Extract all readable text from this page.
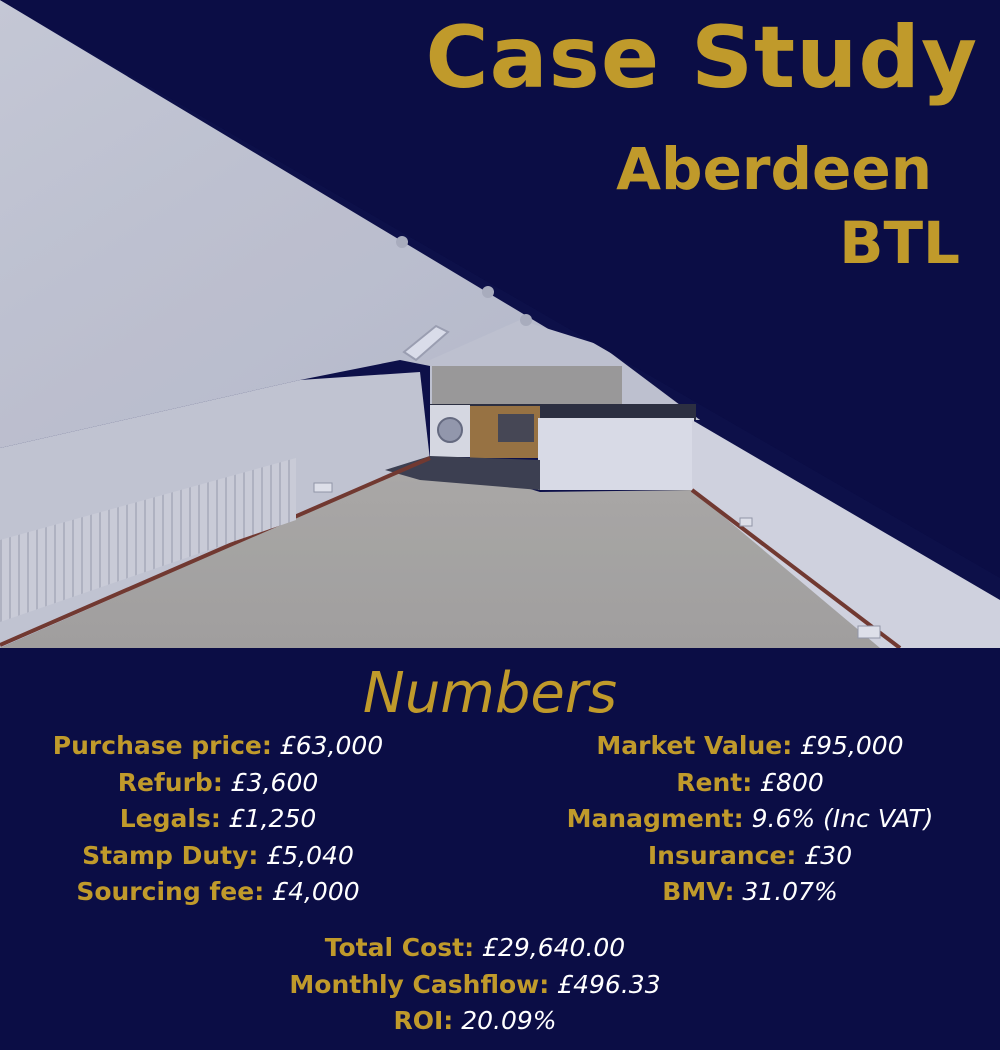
Case Study
Aberdeen
BTL
Numbers
Purchase price: £63,000
Refurb: £3,600
Legals: £1,250
Stamp Duty: £5,040
Sourcing fee: £4,000
Market Value: £95,000
Rent: £800
Managment: 9.6% (Inc VAT)
Insurance: £30
BMV: 31.07%
Total Cost: £29,640.00
Monthly Cashflow: £496.33
ROI: 20.09%
